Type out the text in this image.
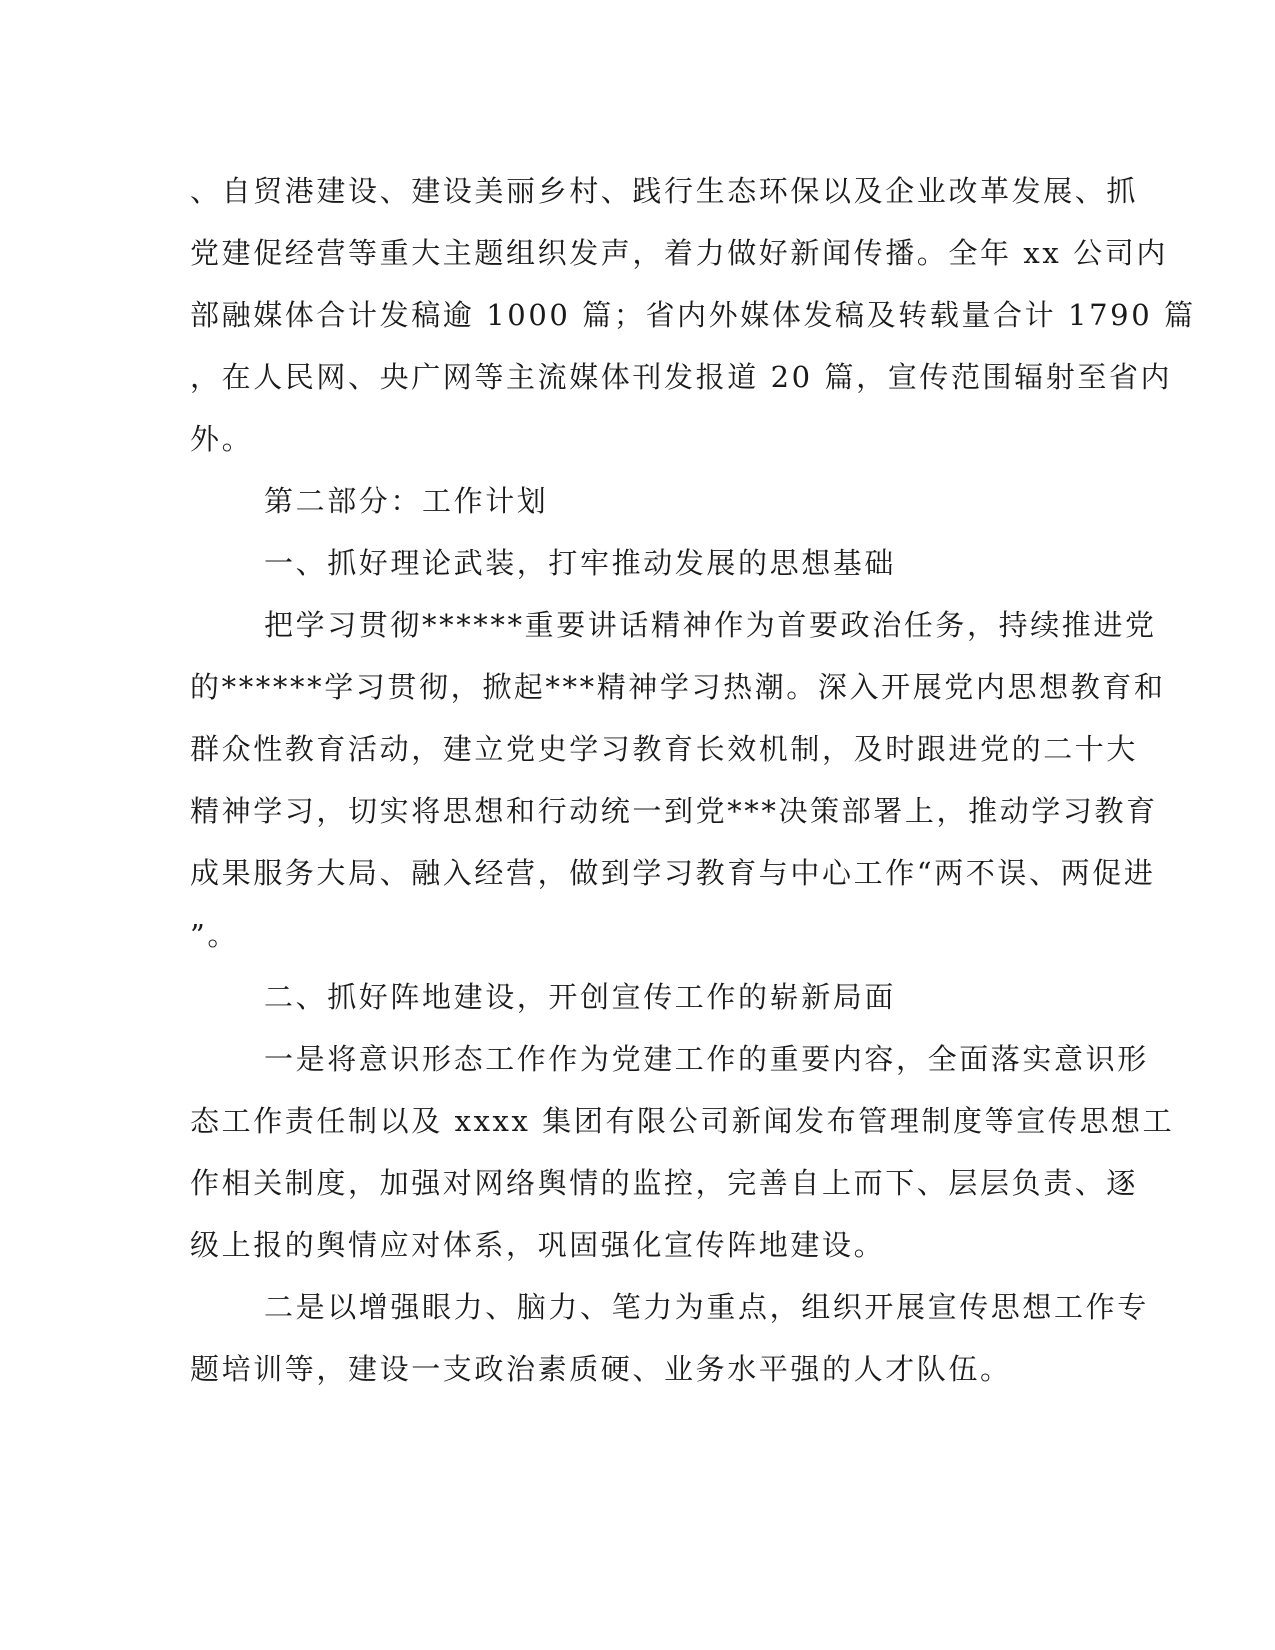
、自贸港建设、建设美丽乡村、践行生态环保以及企业改革发展、抓
党建促经营等重大主题组织发声，着力做好新闻传播。全年 xx 公司内
部融媒体合计发稿逾 1000 篇；省内外媒体发稿及转载量合计 1790 篇
，在人民网、央广网等主流媒体刊发报道 20 篇，宣传范围辐射至省内
外。
第二部分：工作计划
一、抓好理论武装，打牢推动发展的思想基础
把学习贯彻******重要讲话精神作为首要政治任务，持续推进党
的******学习贯彻，掀起***精神学习热潮。深入开展党内思想教育和
群众性教育活动，建立党史学习教育长效机制，及时跟进党的二十大
精神学习，切实将思想和行动统一到党***决策部署上，推动学习教育
成果服务大局、融入经营，做到学习教育与中心工作“两不误、两促进
”。
二、抓好阵地建设，开创宣传工作的崭新局面
一是将意识形态工作作为党建工作的重要内容，全面落实意识形
态工作责任制以及 xxxx 集团有限公司新闻发布管理制度等宣传思想工
作相关制度，加强对网络舆情的监控，完善自上而下、层层负责、逐
级上报的舆情应对体系，巩固强化宣传阵地建设。
二是以增强眼力、脑力、笔力为重点，组织开展宣传思想工作专
题培训等，建设一支政治素质硬、业务水平强的人才队伍。
